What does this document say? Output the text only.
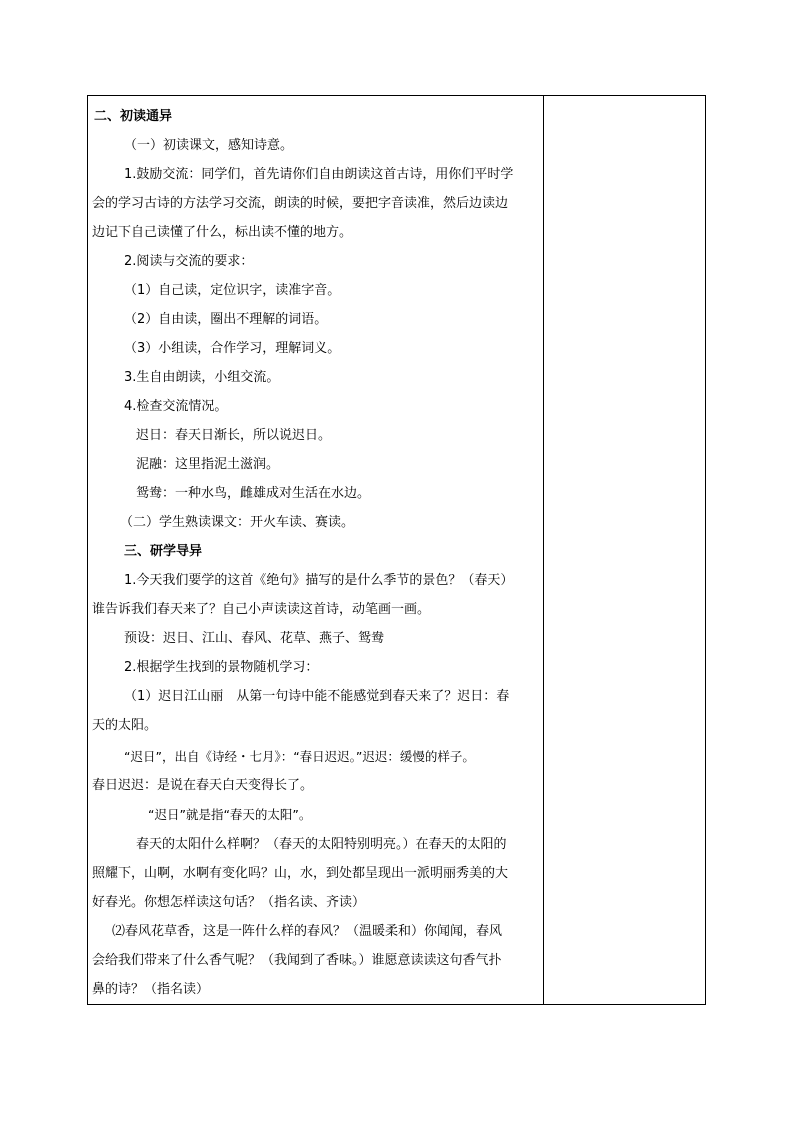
二、初读通异
（一）初读课文，感知诗意。
1.鼓励交流：同学们，首先请你们自由朗读这首古诗，用你们平时学
会的学习古诗的方法学习交流，朗读的时候，要把字音读准，然后边读边
边记下自己读懂了什么，标出读不懂的地方。
2.阅读与交流的要求：
（1）自己读，定位识字，读准字音。
（2）自由读，圈出不理解的词语。
（3）小组读，合作学习，理解词义。
3.生自由朗读，小组交流。
4.检查交流情况。
迟日：春天日渐长，所以说迟日。
泥融：这里指泥土滋润。
鸳鸯：一种水鸟，雌雄成对生活在水边。
（二）学生熟读课文：开火车读、赛读。
三、研学导异
1.今天我们要学的这首《绝句》描写的是什么季节的景色？（春天）
谁告诉我们春天来了？自己小声读读这首诗，动笔画一画。
预设：迟日、江山、春风、花草、燕子、鸳鸯
2.根据学生找到的景物随机学习：
（1）迟日江山丽　从第一句诗中能不能感觉到春天来了？迟日：春
天的太阳。
“迟日”，出自《诗经・七月》：“春日迟迟。”迟迟：缓慢的样子。
春日迟迟：是说在春天白天变得长了。
“迟日”就是指“春天的太阳”。
春天的太阳什么样啊？（春天的太阳特别明亮。）在春天的太阳的
照耀下，山啊，水啊有变化吗？山，水，到处都呈现出一派明丽秀美的大
好春光。你想怎样读这句话？（指名读、齐读）
⑵春风花草香，这是一阵什么样的春风？（温暖柔和）你闻闻，春风
会给我们带来了什么香气呢？（我闻到了香味。）谁愿意读读这句香气扑
鼻的诗？（指名读）
